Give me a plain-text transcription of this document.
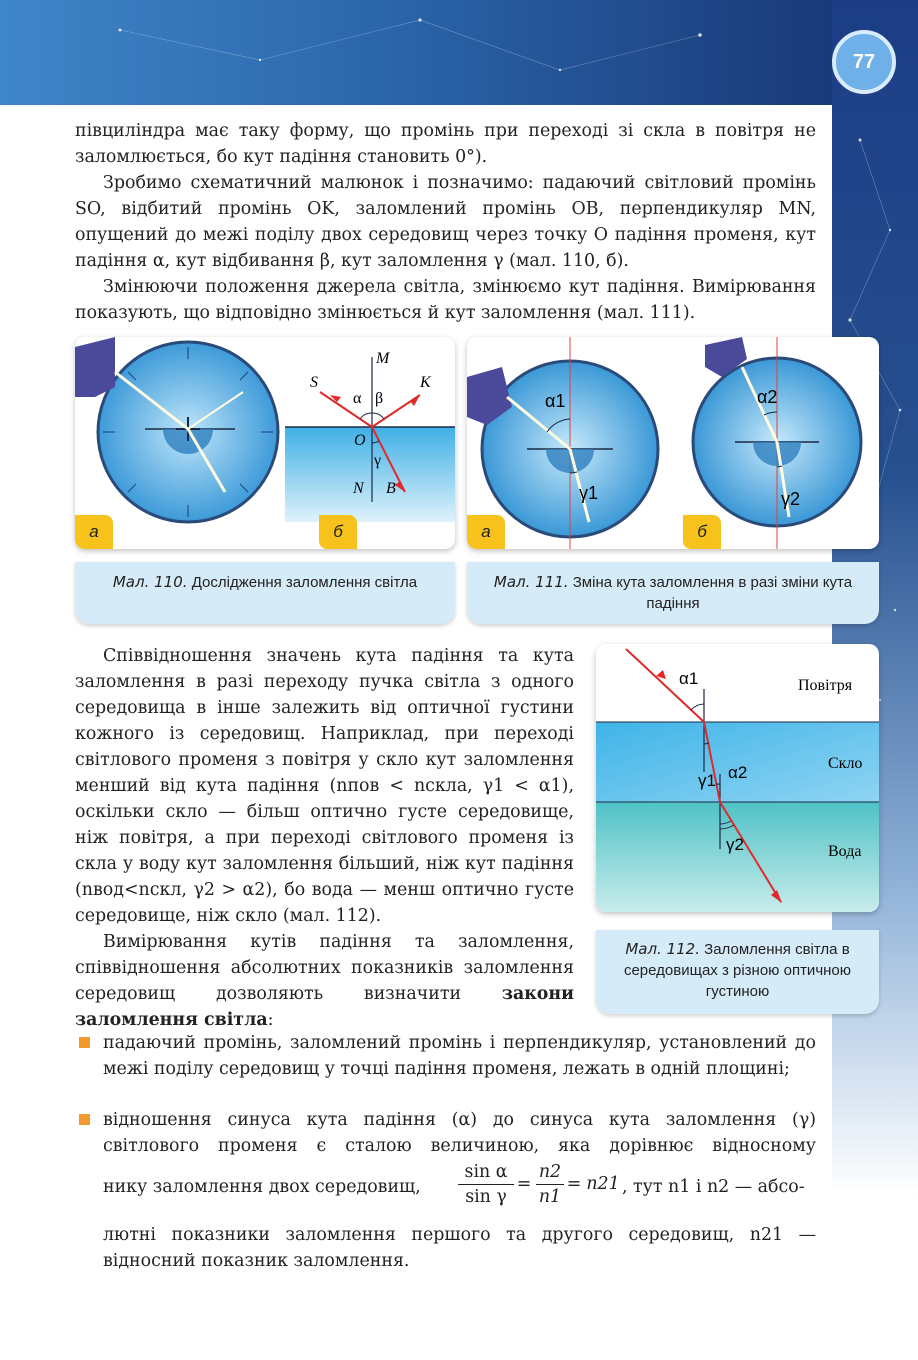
77

півциліндра має таку форму, що промінь при переході зі скла в повітря не заломлюється, бо кут падіння становить 0°).

Зробимо схематичний малюнок і позначимо: падаючий світловий промінь SO, відбитий промінь OK, заломлений промінь OB, перпендикуляр MN, опущений до межі поділу двох середовищ через точку O падіння променя, кут падіння α, кут відбивання β, кут заломлення γ (мал. 110, б).

Змінюючи положення джерела світла, змінюємо кут падіння. Вимірювання показують, що відповідно змінюється й кут заломлення (мал. 111).

M
S	K
α β
O
γ
N B
а	б
Мал. 110. Дослідження заломлення світла
α1
γ1
α2
γ2
а	б
Мал. 111. Зміна кута заломлення в разі зміни кута падіння

Співвідношення значень кута падіння та кута заломлення в разі переходу пучка світла з одного середовища в інше залежить від оптичної густини кожного із середовищ. Наприклад, при переході світлового променя з повітря у скло кут заломлення менший від кута падіння (nпов < nскла, γ1 < α1), оскільки скло — більш оптично густе середовище, ніж повітря, а при переході світлового променя із скла у воду кут заломлення більший, ніж кут падіння (nвод<nскл, γ2 > α2), бо вода — менш оптично густе середовище, ніж скло (мал. 112).

α1
γ1 α2
γ2
Повітря
Скло
Вода
Мал. 112. Заломлення світла в середовищах з різною оптичною густиною

Вимірювання кутів падіння та заломлення, співвідношення абсолютних показників заломлення середовищ дозволяють визначити закони заломлення світла:

падаючий промінь, заломлений промінь і перпендикуляр, установлений до межі поділу середовищ у точці падіння променя, лежать в одній площині;

відношення синуса кута падіння (α) до синуса кута заломлення (γ) світлового променя є сталою величиною, яка дорівнює відносному

нику заломлення двох середовищ,	$\frac{\text{sin α}}{\text{sin γ}} = \frac{n2}{n1} = n21$ , тут n1 і n2 — абсо-

лютні показники заломлення першого та другого середовищ, n21 — відносний показник заломлення.
